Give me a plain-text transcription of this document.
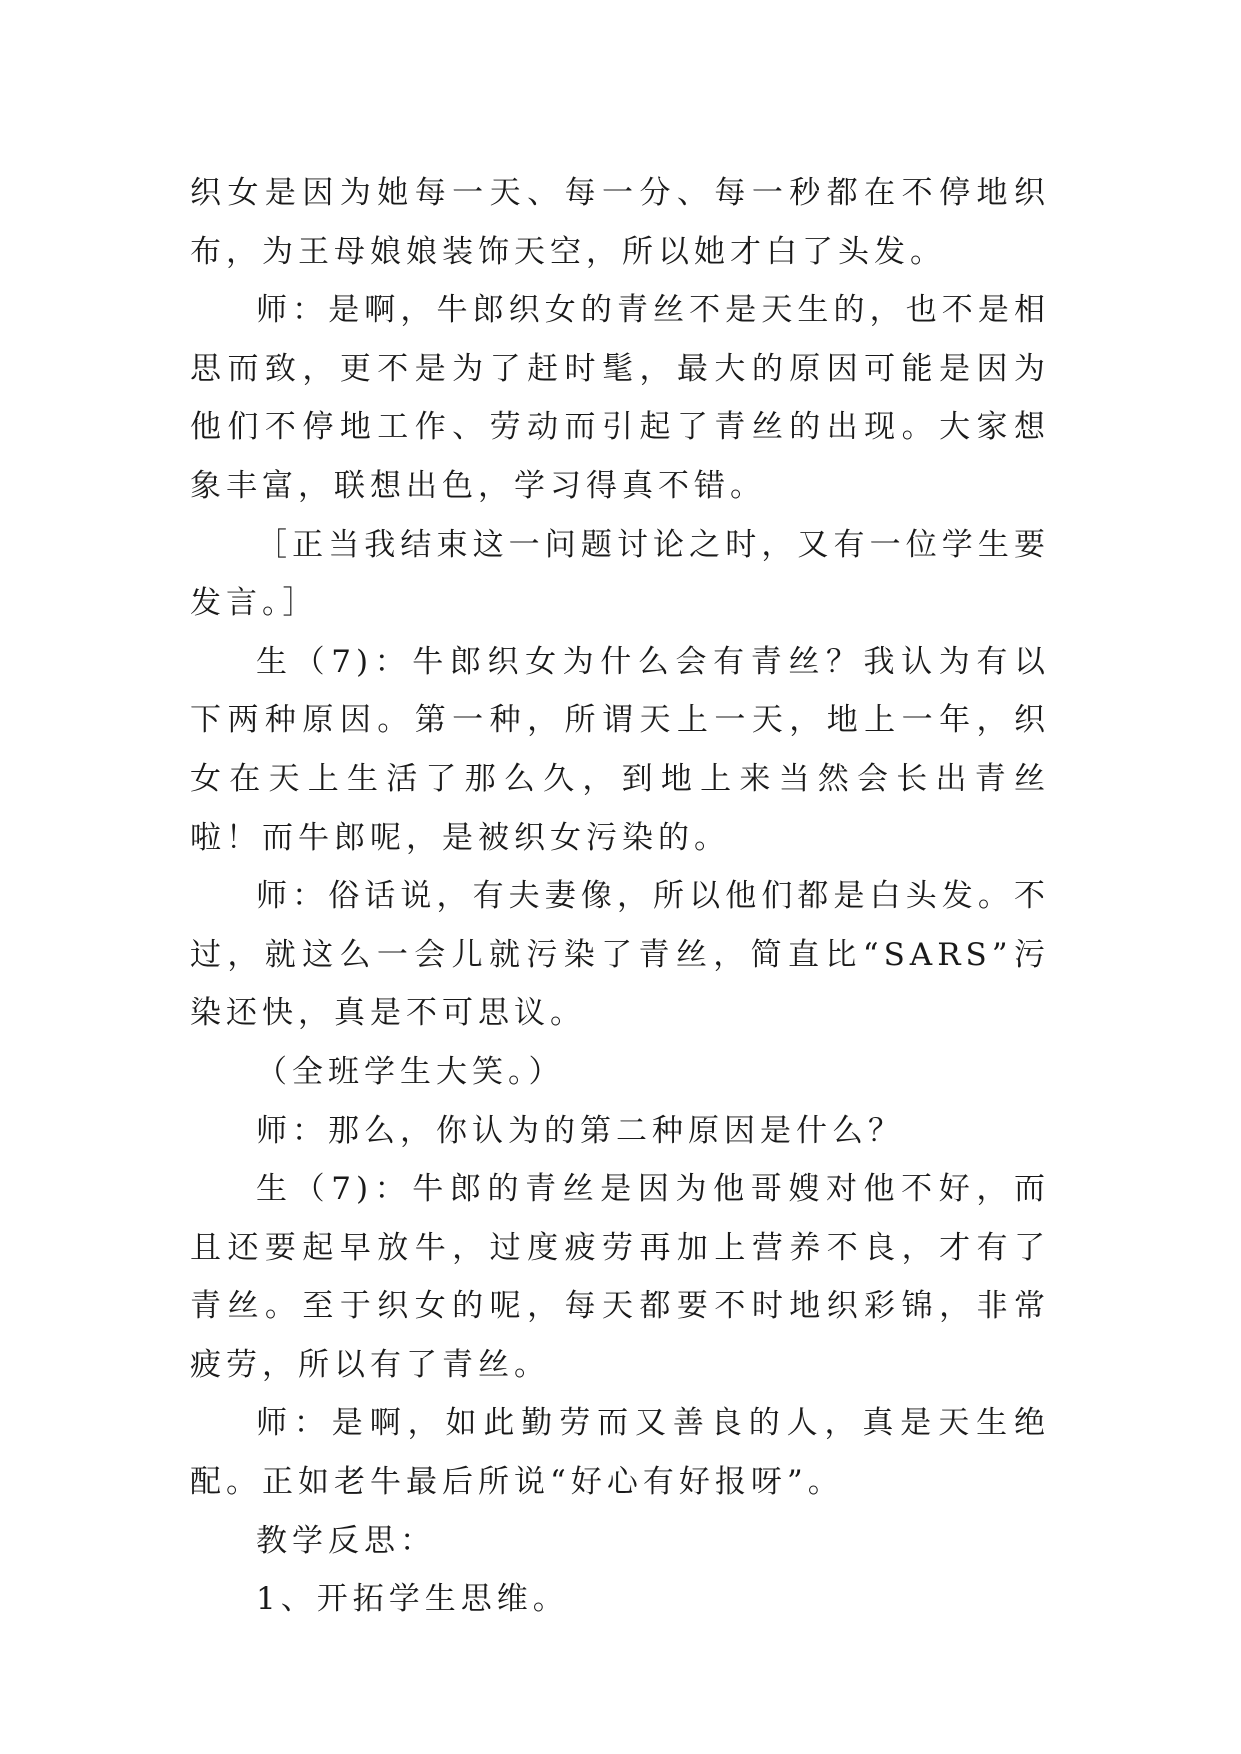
织女是因为她每一天、每一分、每一秒都在不停地织布，为王母娘娘装饰天空，所以她才白了头发。

师：是啊，牛郎织女的青丝不是天生的，也不是相思而致，更不是为了赶时髦，最大的原因可能是因为他们不停地工作、劳动而引起了青丝的出现。大家想象丰富，联想出色，学习得真不错。

［正当我结束这一问题讨论之时，又有一位学生要发言。］

生（7)：牛郎织女为什么会有青丝？我认为有以下两种原因。第一种，所谓天上一天，地上一年，织女在天上生活了那么久，到地上来当然会长出青丝啦！而牛郎呢，是被织女污染的。

师：俗话说，有夫妻像，所以他们都是白头发。不过，就这么一会儿就污染了青丝，简直比“SARS”污染还快，真是不可思议。

（全班学生大笑。）

师：那么，你认为的第二种原因是什么？

生（7)：牛郎的青丝是因为他哥嫂对他不好，而且还要起早放牛，过度疲劳再加上营养不良，才有了青丝。至于织女的呢，每天都要不时地织彩锦，非常疲劳，所以有了青丝。

师：是啊，如此勤劳而又善良的人，真是天生绝配。正如老牛最后所说“好心有好报呀”。

教学反思：

1、开拓学生思维。
